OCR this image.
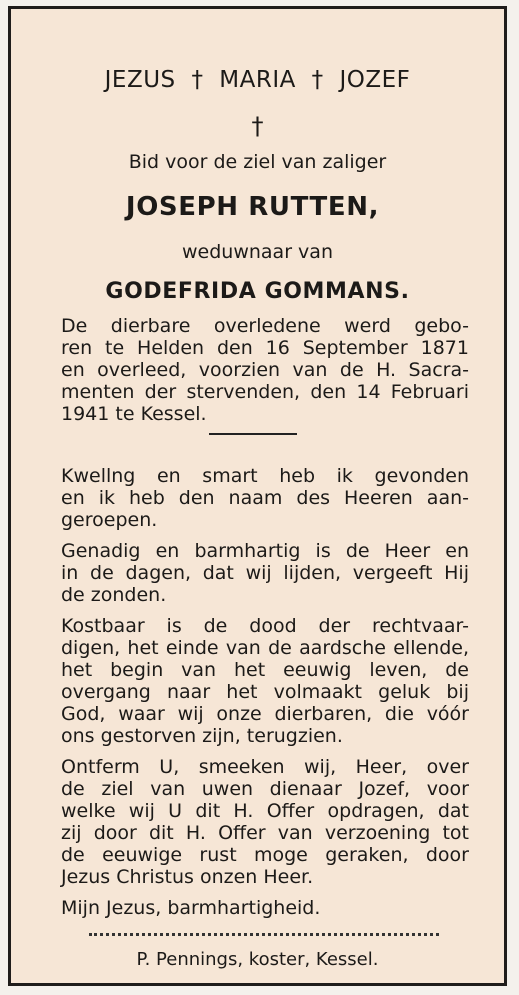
JEZUS † MARIA † JOZEF
†
Bid voor de ziel van zaliger
JOSEPH RUTTEN,
weduwnaar van
GODEFRIDA GOMMANS.
De dierbare overledene werd gebo-
ren te Helden den 16 September 1871
en overleed, voorzien van de H. Sacra-
menten der stervenden, den 14 Februari
1941 te Kessel.
Kwellng en smart heb ik gevonden
en ik heb den naam des Heeren aan-
geroepen.
Genadig en barmhartig is de Heer en
in de dagen, dat wij lijden, vergeeft Hij
de zonden.
Kostbaar is de dood der rechtvaar-
digen, het einde van de aardsche ellende,
het begin van het eeuwig leven, de
overgang naar het volmaakt geluk bij
God, waar wij onze dierbaren, die vóór
ons gestorven zijn, terugzien.
Ontferm U, smeeken wij, Heer, over
de ziel van uwen dienaar Jozef, voor
welke wij U dit H. Offer opdragen, dat
zij door dit H. Offer van verzoening tot
de eeuwige rust moge geraken, door
Jezus Christus onzen Heer.
Mijn Jezus, barmhartigheid.
P. Pennings, koster, Kessel.
